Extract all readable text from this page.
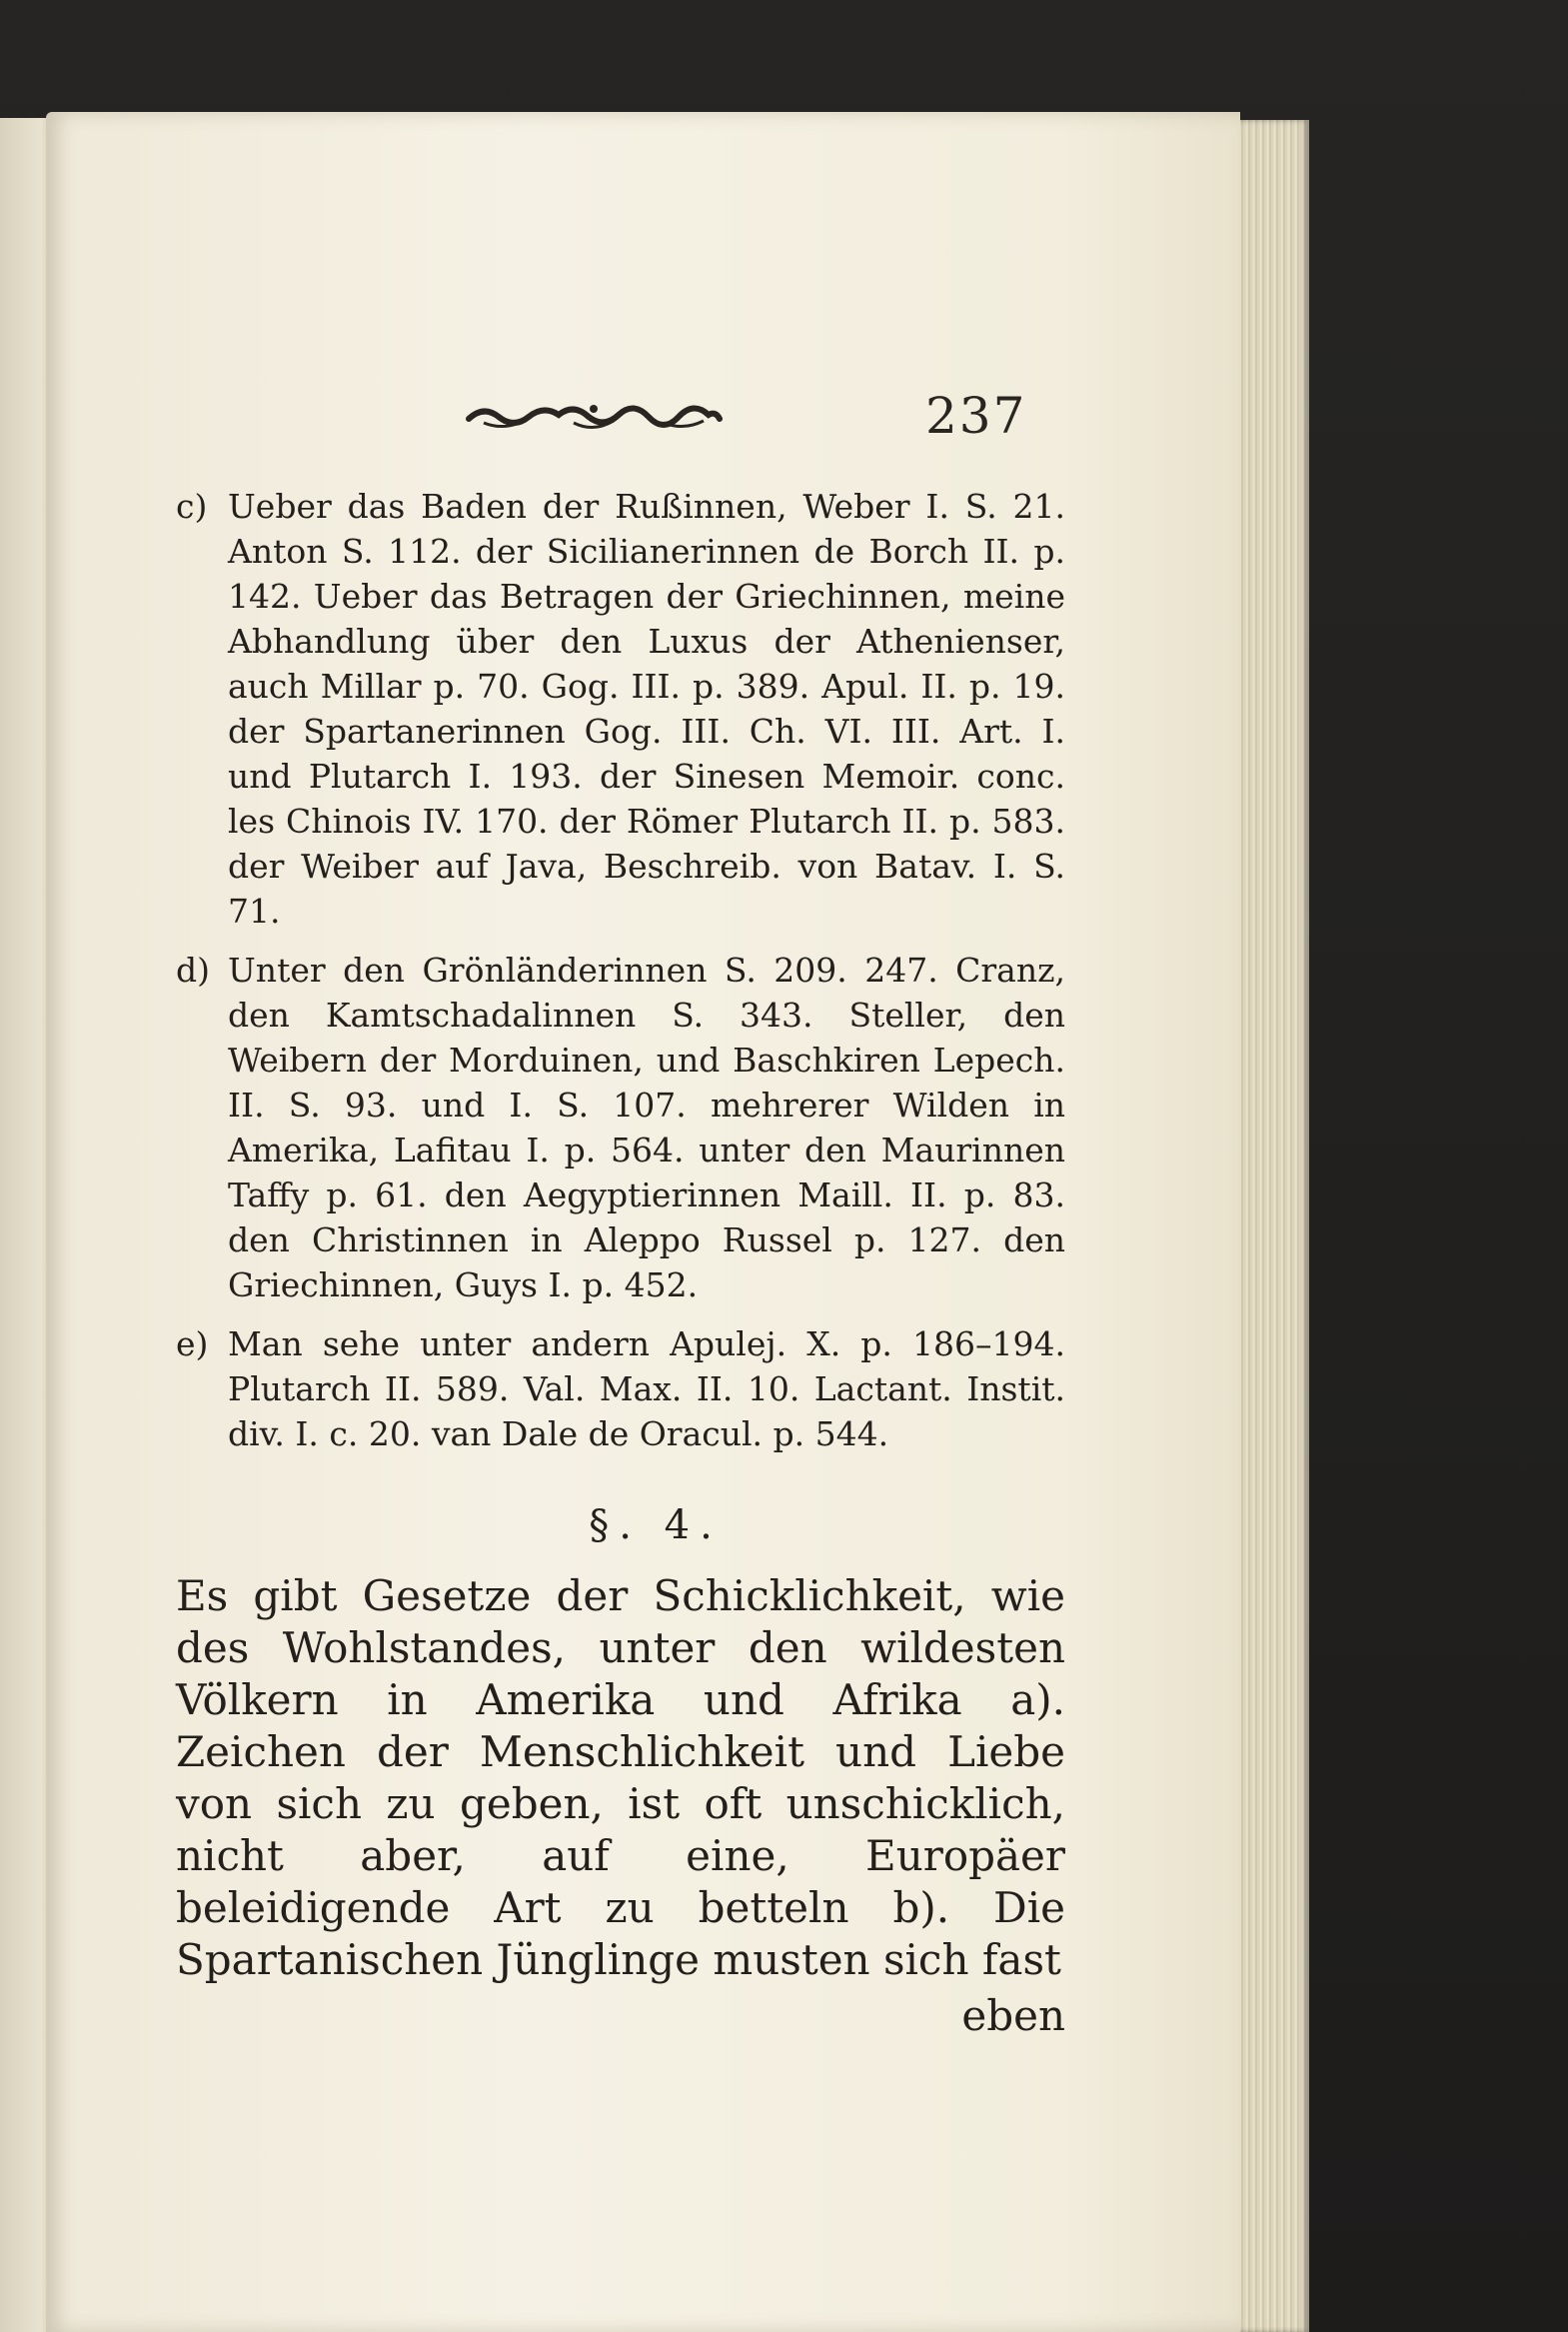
237
c) Ueber das Baden der Rußinnen, Weber I. S. 21. Anton S. 112. der Sicilianerinnen de Borch II. p. 142. Ueber das Betragen der Griechinnen, meine Abhandlung über den Luxus der Athenienser, auch Millar p. 70. Gog. III. p. 389. Apul. II. p. 19. der Spartanerinnen Gog. III. Ch. VI. III. Art. I. und Plutarch I. 193. der Sinesen Memoir. conc. les Chinois IV. 170. der Römer Plutarch II. p. 583. der Weiber auf Java, Beschreib. von Batav. I. S. 71.
d) Unter den Grönländerinnen S. 209. 247. Cranz, den Kamtschadalinnen S. 343. Steller, den Weibern der Morduinen, und Baschkiren Lepech. II. S. 93. und I. S. 107. mehrerer Wilden in Amerika, Lafitau I. p. 564. unter den Maurinnen Taffy p. 61. den Aegyptierinnen Maill. II. p. 83. den Christinnen in Aleppo Russel p. 127. den Griechinnen, Guys I. p. 452.
e) Man sehe unter andern Apulej. X. p. 186–194. Plutarch II. 589. Val. Max. II. 10. Lactant. Instit. div. I. c. 20. van Dale de Oracul. p. 544.
§. 4.
Es gibt Gesetze der Schicklichkeit, wie des Wohlstandes, unter den wildesten Völkern in Amerika und Afrika a). Zeichen der Menschlichkeit und Liebe von sich zu geben, ist oft unschicklich, nicht aber, auf eine, Europäer beleidigende Art zu betteln b). Die Spartanischen Jünglinge musten sich fast
eben
